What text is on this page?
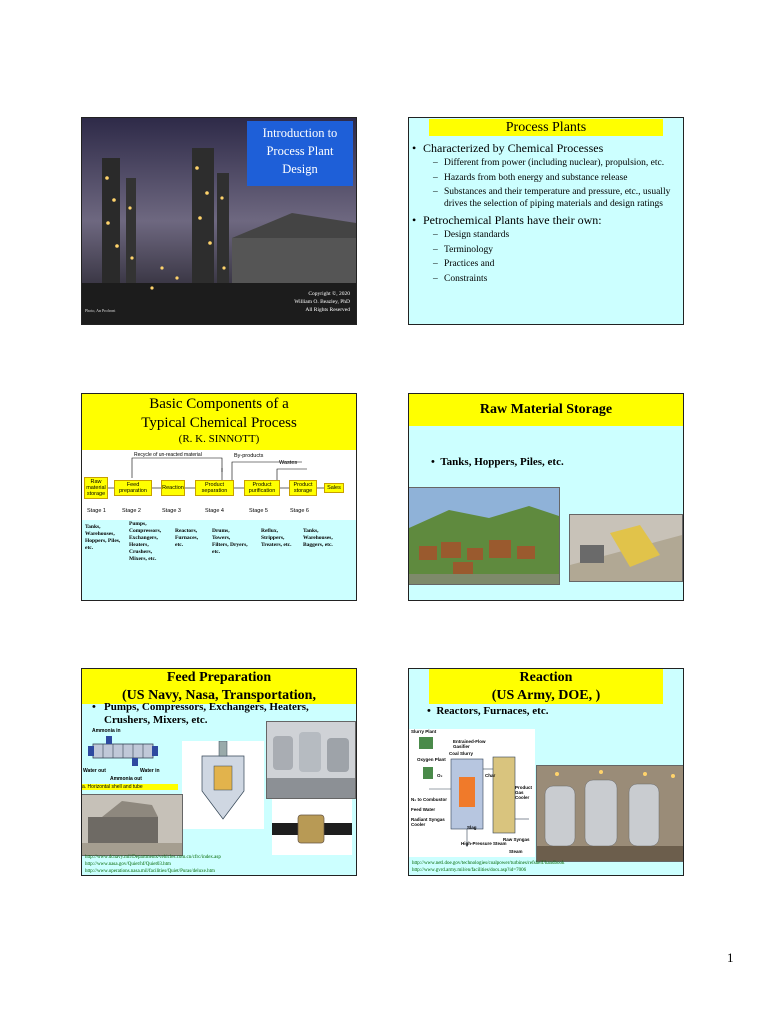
Introduction to
Process Plant
Design
Copyright ©, 2020
William O. Beazley, PhD
All Rights Reserved
Photo, An Profront
Process Plants
• Characterized by Chemical Processes
– Different from power (including nuclear), propulsion, etc.
– Hazards from both energy and substance release
– Substances and their temperature and pressure, etc., usually drives the selection of piping materials and design ratings
• Petrochemical Plants have their own:
– Design standards
– Terminology
– Practices and
– Constraints
Basic Components of a
Typical Chemical Process
(R. K. SINNOTT)
Recycle of un-reacted material	By-products
Wastes
Raw material storage
Feed preparation	Reaction	Product separation
Product purification
Product storage	Sales
Stage 1	Stage 2	Stage 3	Stage 4	Stage 5	Stage 6
Tanks, Warehouses, Hoppers, Piles, etc.
Pumps, Compressors, Exchangers, Heaters, Crushers, Mixers, etc.
Reactors, Furnaces, etc.
Drums, Towers, Filters, Dryers, etc.
Reflux, Strippers, Treaters, etc.
Tanks, Warehouses, Baggers, etc.
Raw Material Storage
•  Tanks, Hoppers, Piles, etc.
Feed Preparation
(US Navy, Nasa, Transportation,
• Pumps, Compressors, Exchangers, Heaters, Crushers, Mixers, etc.
Ammonia in
Water out	Water in
Ammonia out
a. Horizontal shell and tube
http://www.dcnavy.mil/Departments/vehicles.com.cn/cfrc/index.asp
http://www.nasa.gov/Quiet/hf/Quiet03.htm
http://www.operations.nasa.mil/facilities/Quiet/Puras/deluxe.htm
Reaction
(US Army, DOE, )
•  Reactors, Furnaces, etc.
Slurry Plant
Entrained-Flow Gasifier
Coal Slurry
Oxygen Plant
Product Gas Cooler
N₂ to Combustor
Feed Water
Radiant Syngas Cooler
Raw Syngas
High-Pressure Steam
Slag
Steam
O₂	Char
http://www.netl.doe.gov/technologies/coalpower/turbines/refshelf/handbook
http://www.gvrd.army.mil/en/facilities/docs.asp?id=7006
1
